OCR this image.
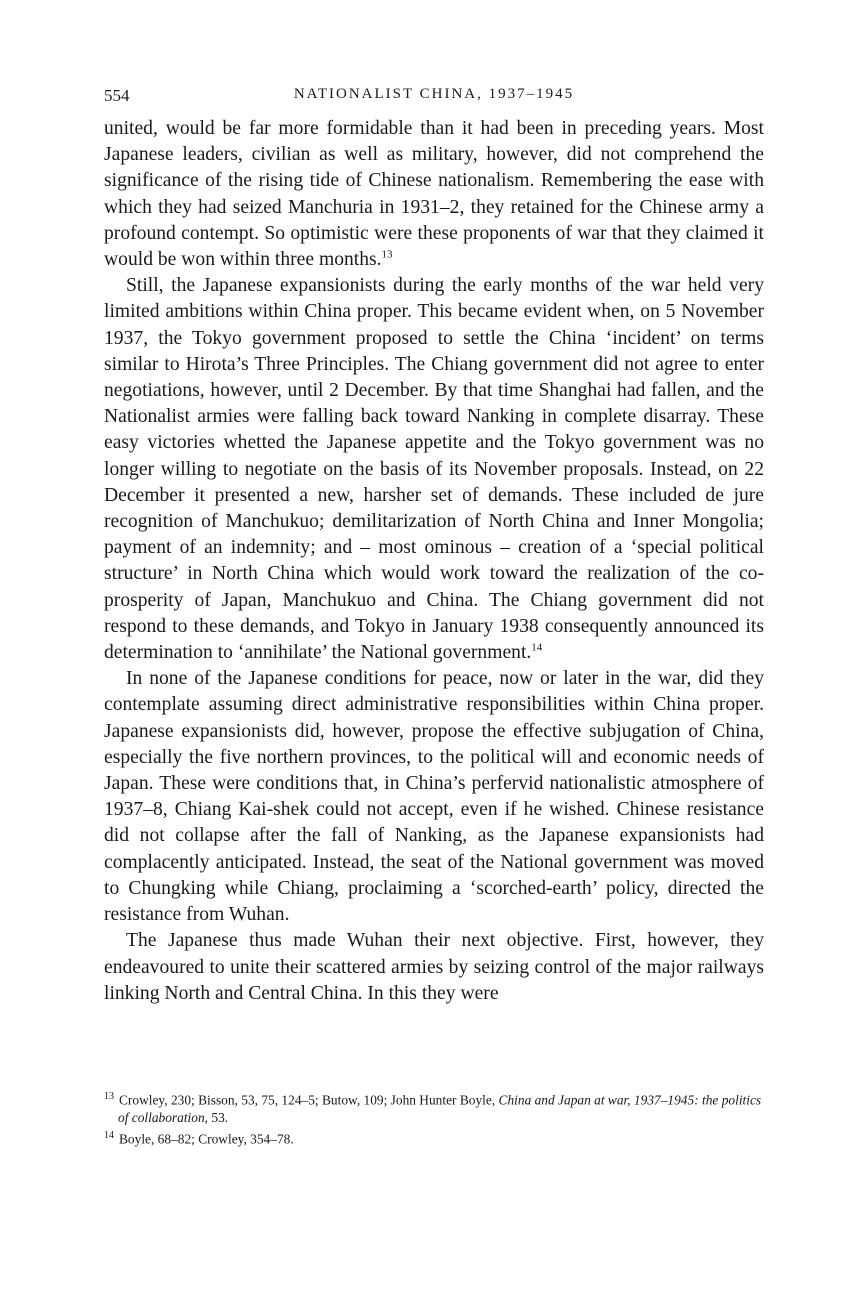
554	NATIONALIST CHINA, 1937–1945

united, would be far more formidable than it had been in preceding years. Most Japanese leaders, civilian as well as military, however, did not comprehend the significance of the rising tide of Chinese nationalism. Remembering the ease with which they had seized Manchuria in 1931–2, they retained for the Chinese army a profound contempt. So optimistic were these proponents of war that they claimed it would be won within three months.$^{13}$

Still, the Japanese expansionists during the early months of the war held very limited ambitions within China proper. This became evident when, on 5 November 1937, the Tokyo government proposed to settle the China ‘incident’ on terms similar to Hirota’s Three Principles. The Chiang government did not agree to enter negotiations, however, until 2 December. By that time Shanghai had fallen, and the Nationalist armies were falling back toward Nanking in complete disarray. These easy victories whetted the Japanese appetite and the Tokyo government was no longer willing to negotiate on the basis of its November proposals. Instead, on 22 December it presented a new, harsher set of demands. These included de jure recognition of Manchukuo; demilitarization of North China and Inner Mongolia; payment of an indemnity; and – most ominous – creation of a ‘special political structure’ in North China which would work toward the realization of the co-prosperity of Japan, Manchukuo and China. The Chiang government did not respond to these demands, and Tokyo in January 1938 consequently announced its determination to ‘annihilate’ the National government.$^{14}$

In none of the Japanese conditions for peace, now or later in the war, did they contemplate assuming direct administrative responsibilities within China proper. Japanese expansionists did, however, propose the effective subjugation of China, especially the five northern provinces, to the political will and economic needs of Japan. These were conditions that, in China’s perfervid nationalistic atmosphere of 1937–8, Chiang Kai-shek could not accept, even if he wished. Chinese resistance did not collapse after the fall of Nanking, as the Japanese expansionists had complacently anticipated. Instead, the seat of the National government was moved to Chungking while Chiang, proclaiming a ‘scorched-earth’ policy, directed the resistance from Wuhan.

The Japanese thus made Wuhan their next objective. First, however, they endeavoured to unite their scattered armies by seizing control of the major railways linking North and Central China. In this they were

$^{13}$ Crowley, 230; Bisson, 53, 75, 124–5; Butow, 109; John Hunter Boyle, China and Japan at war, 1937–1945: the politics of collaboration, 53.

$^{14}$ Boyle, 68–82; Crowley, 354–78.
